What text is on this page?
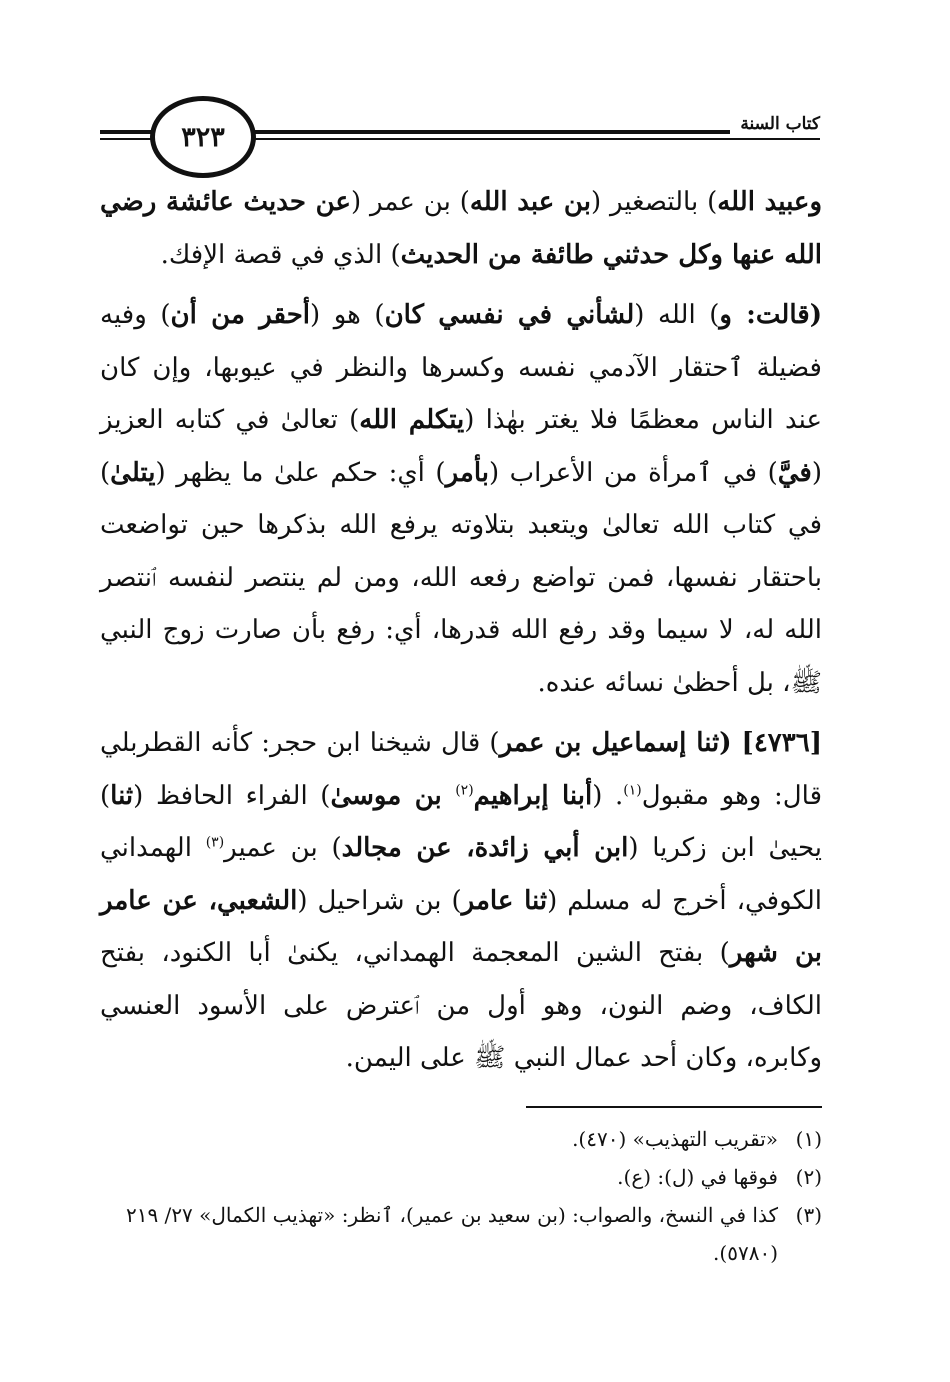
٣٢٣	كتاب السنة

وعبيد الله) بالتصغير (بن عبد الله) بن عمر (عن حديث عائشة رضي الله عنها وكل حدثني طائفة من الحديث) الذي في قصة الإفك.

(قالت: و) الله (لشأني في نفسي كان) هو (أحقر من أن) وفيه فضيلة ٱحتقار الآدمي نفسه وكسرها والنظر في عيوبها، وإن كان عند الناس معظمًا فلا يغتر بهٰذا (يتكلم الله) تعالىٰ في كتابه العزيز (فيَّ) في ٱمرأة من الأعراب (بأمر) أي: حكم علىٰ ما يظهر (يتلىٰ) في كتاب الله تعالىٰ ويتعبد بتلاوته يرفع الله بذكرها حين تواضعت باحتقار نفسها، فمن تواضع رفعه الله، ومن لم ينتصر لنفسه ٱنتصر الله له، لا سيما وقد رفع الله قدرها، أي: رفع بأن صارت زوج النبي ﷺ، بل أحظىٰ نسائه عنده.

[٤٧٣٦] (ثنا إسماعيل بن عمر) قال شيخنا ابن حجر: كأنه القطربلي قال: وهو مقبول$^{(١)}$. (أبنا إبراهيم$^{(٢)}$ بن موسىٰ) الفراء الحافظ (ثنا) يحيىٰ ابن زكريا (ابن أبي زائدة، عن مجالد) بن عمير$^{(٣)}$ الهمداني الكوفي، أخرج له مسلم (ثنا عامر) بن شراحيل (الشعبي، عن عامر بن شهر) بفتح الشين المعجمة الهمداني، يكنىٰ أبا الكنود، بفتح الكاف، وضم النون، وهو أول من ٱعترض على الأسود العنسي وكابره، وكان أحد عمال النبي ﷺ على اليمن.

(١)
«تقريب التهذيب» (٤٧٠).
(٢)
فوقها في (ل): (ع).
(٣)
كذا في النسخ، والصواب: (بن سعيد بن عمير)، ٱنظر: «تهذيب الكمال» ٢٧/ ٢١٩ (٥٧٨٠).
